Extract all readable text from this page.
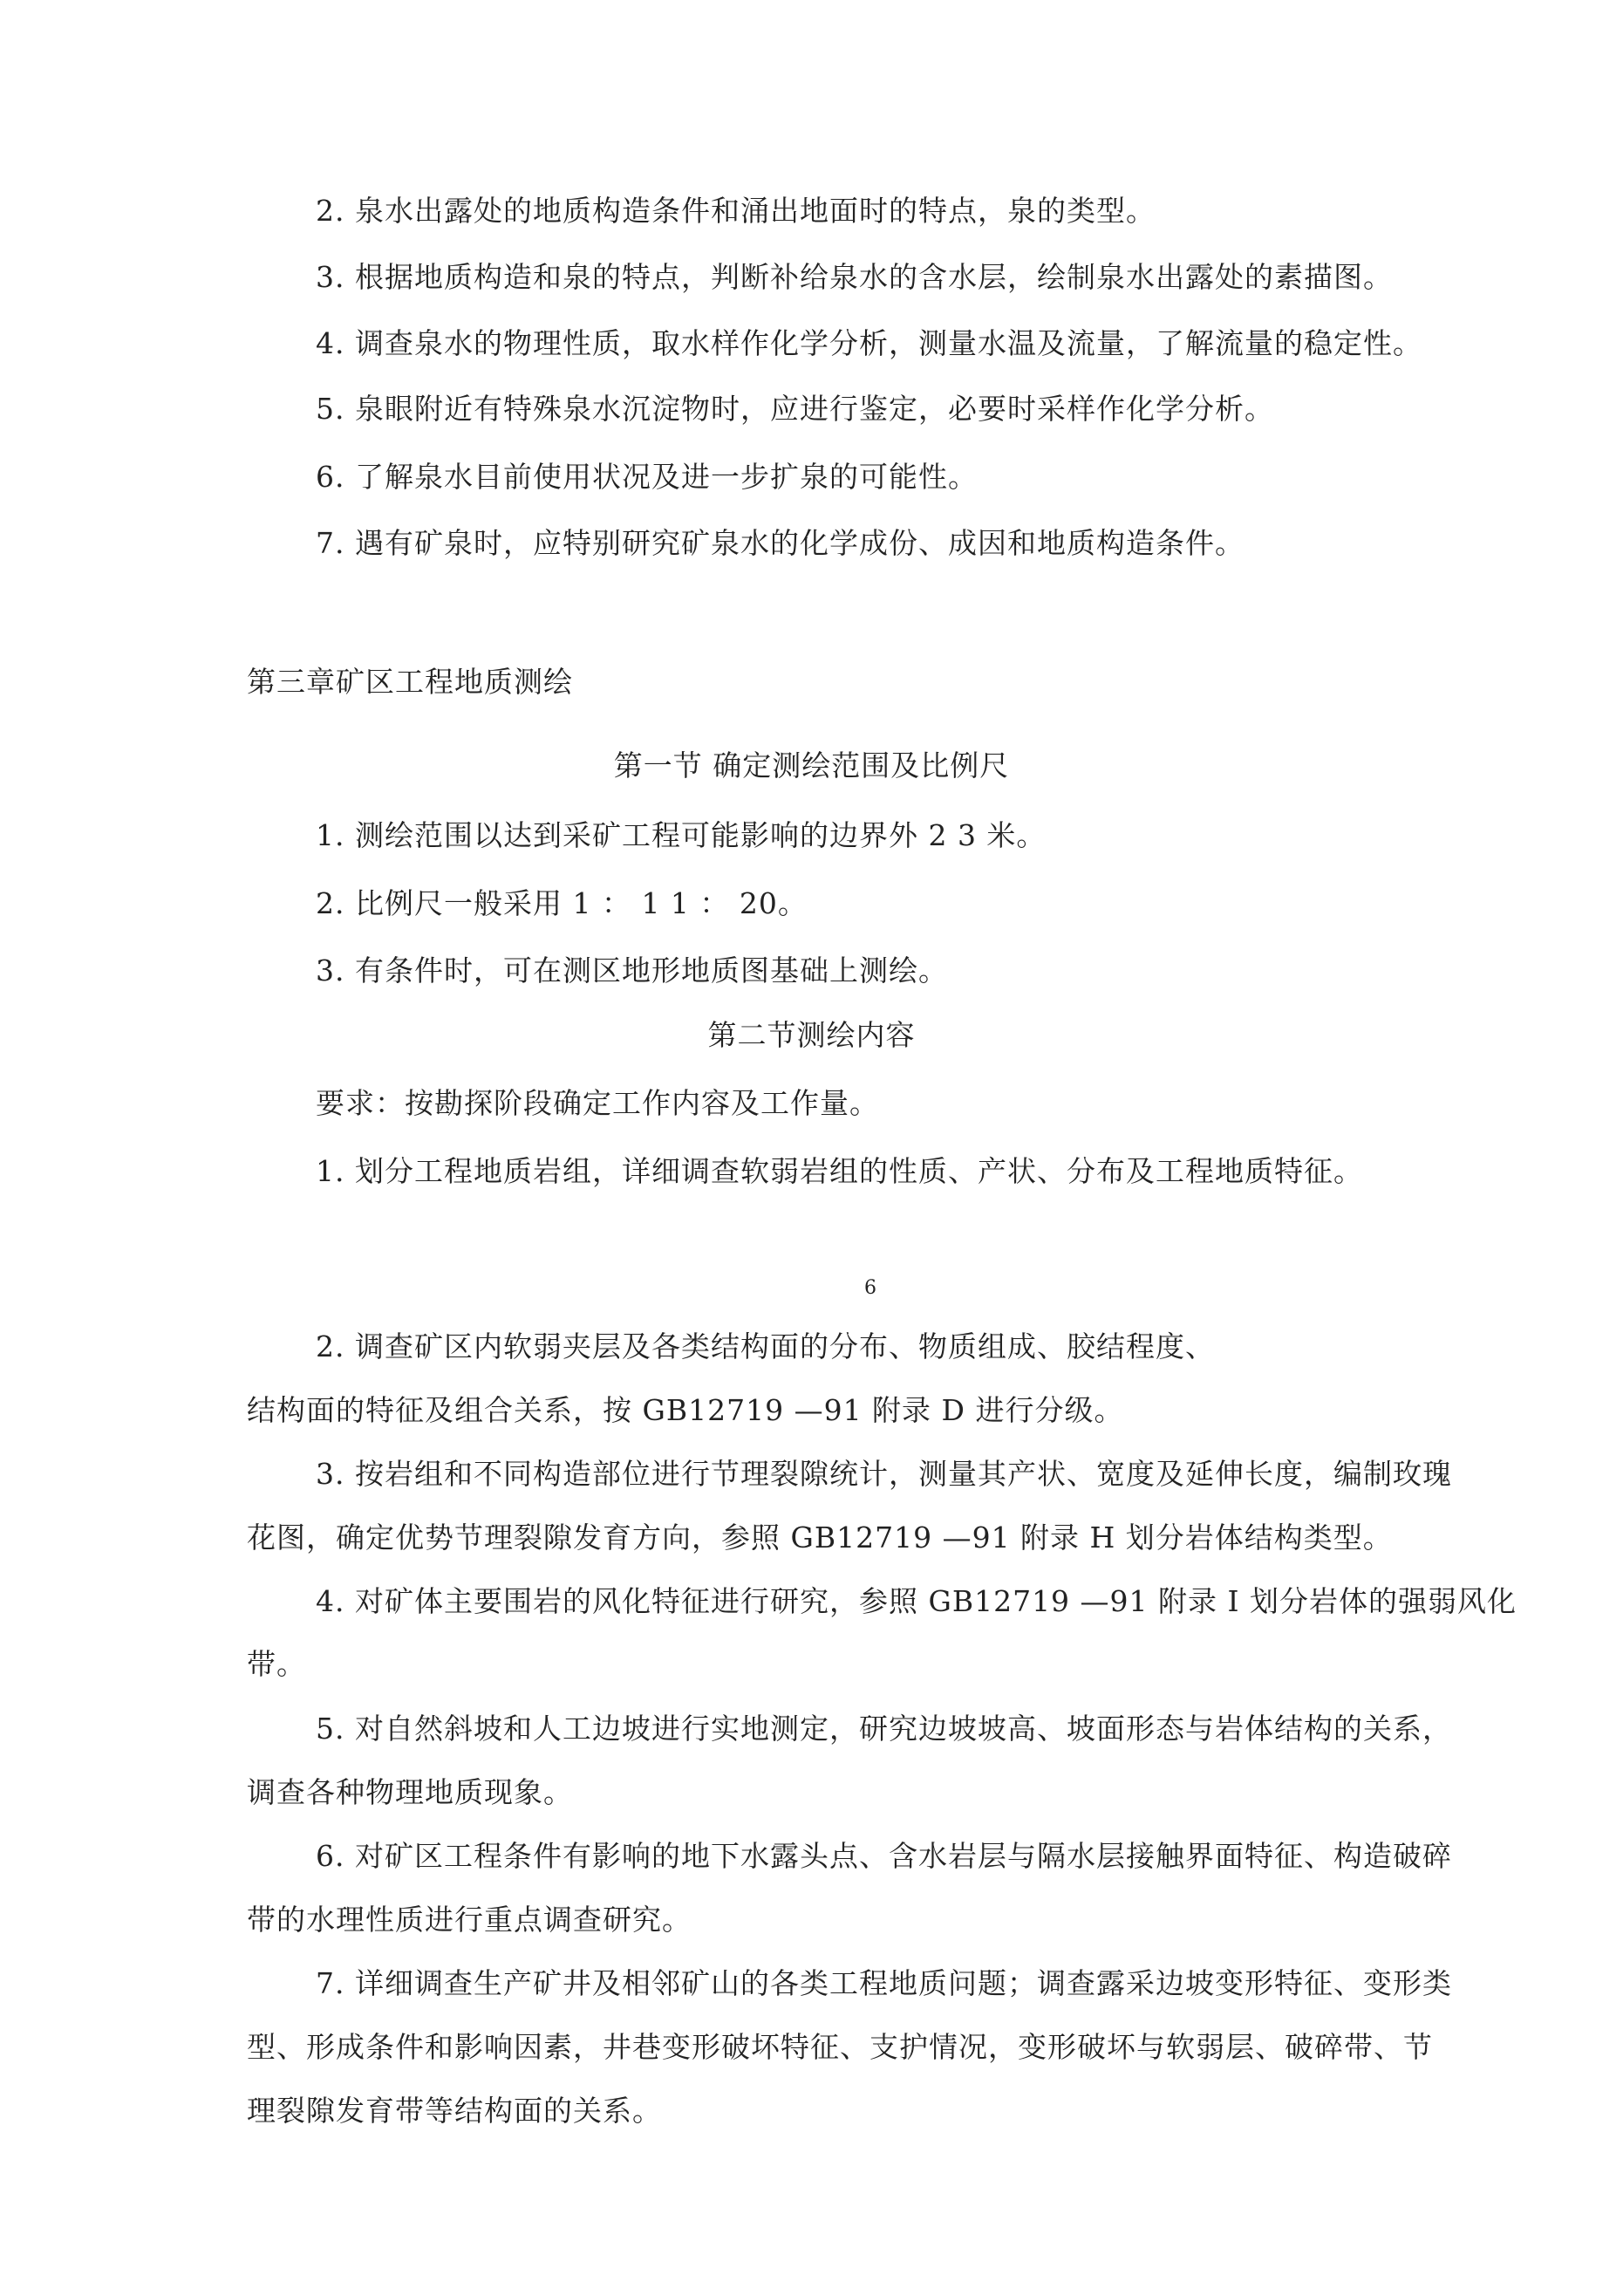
2. 泉水出露处的地质构造条件和涌出地面时的特点，泉的类型。
3. 根据地质构造和泉的特点，判断补给泉水的含水层，绘制泉水出露处的素描图。
4. 调查泉水的物理性质，取水样作化学分析，测量水温及流量，了解流量的稳定性。
5. 泉眼附近有特殊泉水沉淀物时，应进行鉴定，必要时采样作化学分析。
6. 了解泉水目前使用状况及进一步扩泉的可能性。
7. 遇有矿泉时，应特别研究矿泉水的化学成份、成因和地质构造条件。
第三章矿区工程地质测绘
第一节 确定测绘范围及比例尺
1. 测绘范围以达到采矿工程可能影响的边界外 2 3 米。
2. 比例尺一般采用 1 ： 1 1 ： 20。
3. 有条件时，可在测区地形地质图基础上测绘。
第二节测绘内容
要求：按勘探阶段确定工作内容及工作量。
1. 划分工程地质岩组，详细调查软弱岩组的性质、产状、分布及工程地质特征。
6
2. 调查矿区内软弱夹层及各类结构面的分布、物质组成、胶结程度、
结构面的特征及组合关系，按 GB12719 —91 附录 D 进行分级。
3. 按岩组和不同构造部位进行节理裂隙统计，测量其产状、宽度及延伸长度，编制玫瑰
花图，确定优势节理裂隙发育方向，参照 GB12719 —91 附录 H 划分岩体结构类型。
4. 对矿体主要围岩的风化特征进行研究，参照 GB12719 —91 附录 I 划分岩体的强弱风化
带。
5. 对自然斜坡和人工边坡进行实地测定，研究边坡坡高、坡面形态与岩体结构的关系，
调查各种物理地质现象。
6. 对矿区工程条件有影响的地下水露头点、含水岩层与隔水层接触界面特征、构造破碎
带的水理性质进行重点调查研究。
7. 详细调查生产矿井及相邻矿山的各类工程地质问题；调查露采边坡变形特征、变形类
型、形成条件和影响因素，井巷变形破坏特征、支护情况，变形破坏与软弱层、破碎带、节
理裂隙发育带等结构面的关系。
